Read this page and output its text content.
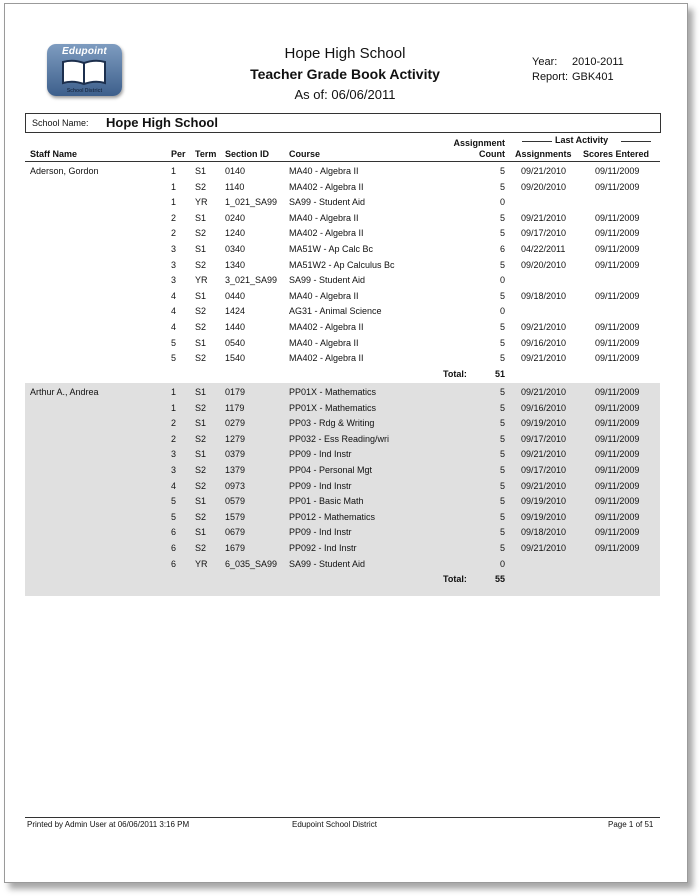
Edupoint
School District
Hope High School
Teacher Grade Book Activity
As of: 06/06/2011
Year: 2010-2011
Report: GBK401
School Name: Hope High School
Staff Name	Per Term Section ID Course
Assignment
Count
Last Activity
Assignments Scores Entered
Aderson, Gordon	1 S1 0140	MA40 - Algebra II	5 09/21/2010	09/11/2009
1 S2 1140	MA402 - Algebra II	5 09/20/2010	09/11/2009
1 YR 1_021_SA99 SA99 - Student Aid	0
2 S1 0240	MA40 - Algebra II	5 09/21/2010	09/11/2009
2 S2 1240	MA402 - Algebra II	5 09/17/2010	09/11/2009
3 S1 0340	MA51W - Ap Calc Bc	6 04/22/2011	09/11/2009
3 S2 1340	MA51W2 - Ap Calculus Bc	5 09/20/2010	09/11/2009
3 YR 3_021_SA99 SA99 - Student Aid	0
4 S1 0440	MA40 - Algebra II	5 09/18/2010	09/11/2009
4 S2 1424	AG31 - Animal Science	0
4 S2 1440	MA402 - Algebra II	5 09/21/2010	09/11/2009
5 S1 0540	MA40 - Algebra II	5 09/16/2010	09/11/2009
5 S2 1540	MA402 - Algebra II	5 09/21/2010	09/11/2009
Total:	51
Arthur A., Andrea	1 S1 0179	PP01X - Mathematics	5 09/21/2010	09/11/2009
1 S2 1179	PP01X - Mathematics	5 09/16/2010	09/11/2009
2 S1 0279	PP03 - Rdg & Writing	5 09/19/2010	09/11/2009
2 S2 1279	PP032 - Ess Reading/wri	5 09/17/2010	09/11/2009
3 S1 0379	PP09 - Ind Instr	5 09/21/2010	09/11/2009
3 S2 1379	PP04 - Personal Mgt	5 09/17/2010	09/11/2009
4 S2 0973	PP09 - Ind Instr	5 09/21/2010	09/11/2009
5 S1 0579	PP01 - Basic Math	5 09/19/2010	09/11/2009
5 S2 1579	PP012 - Mathematics	5 09/19/2010	09/11/2009
6 S1 0679	PP09 - Ind Instr	5 09/18/2010	09/11/2009
6 S2 1679	PP092 - Ind Instr	5 09/21/2010	09/11/2009
6 YR 6_035_SA99 SA99 - Student Aid	0
Total:	55
Printed by Admin User at 06/06/2011 3:16 PM	Edupoint School District	Page 1 of 51
